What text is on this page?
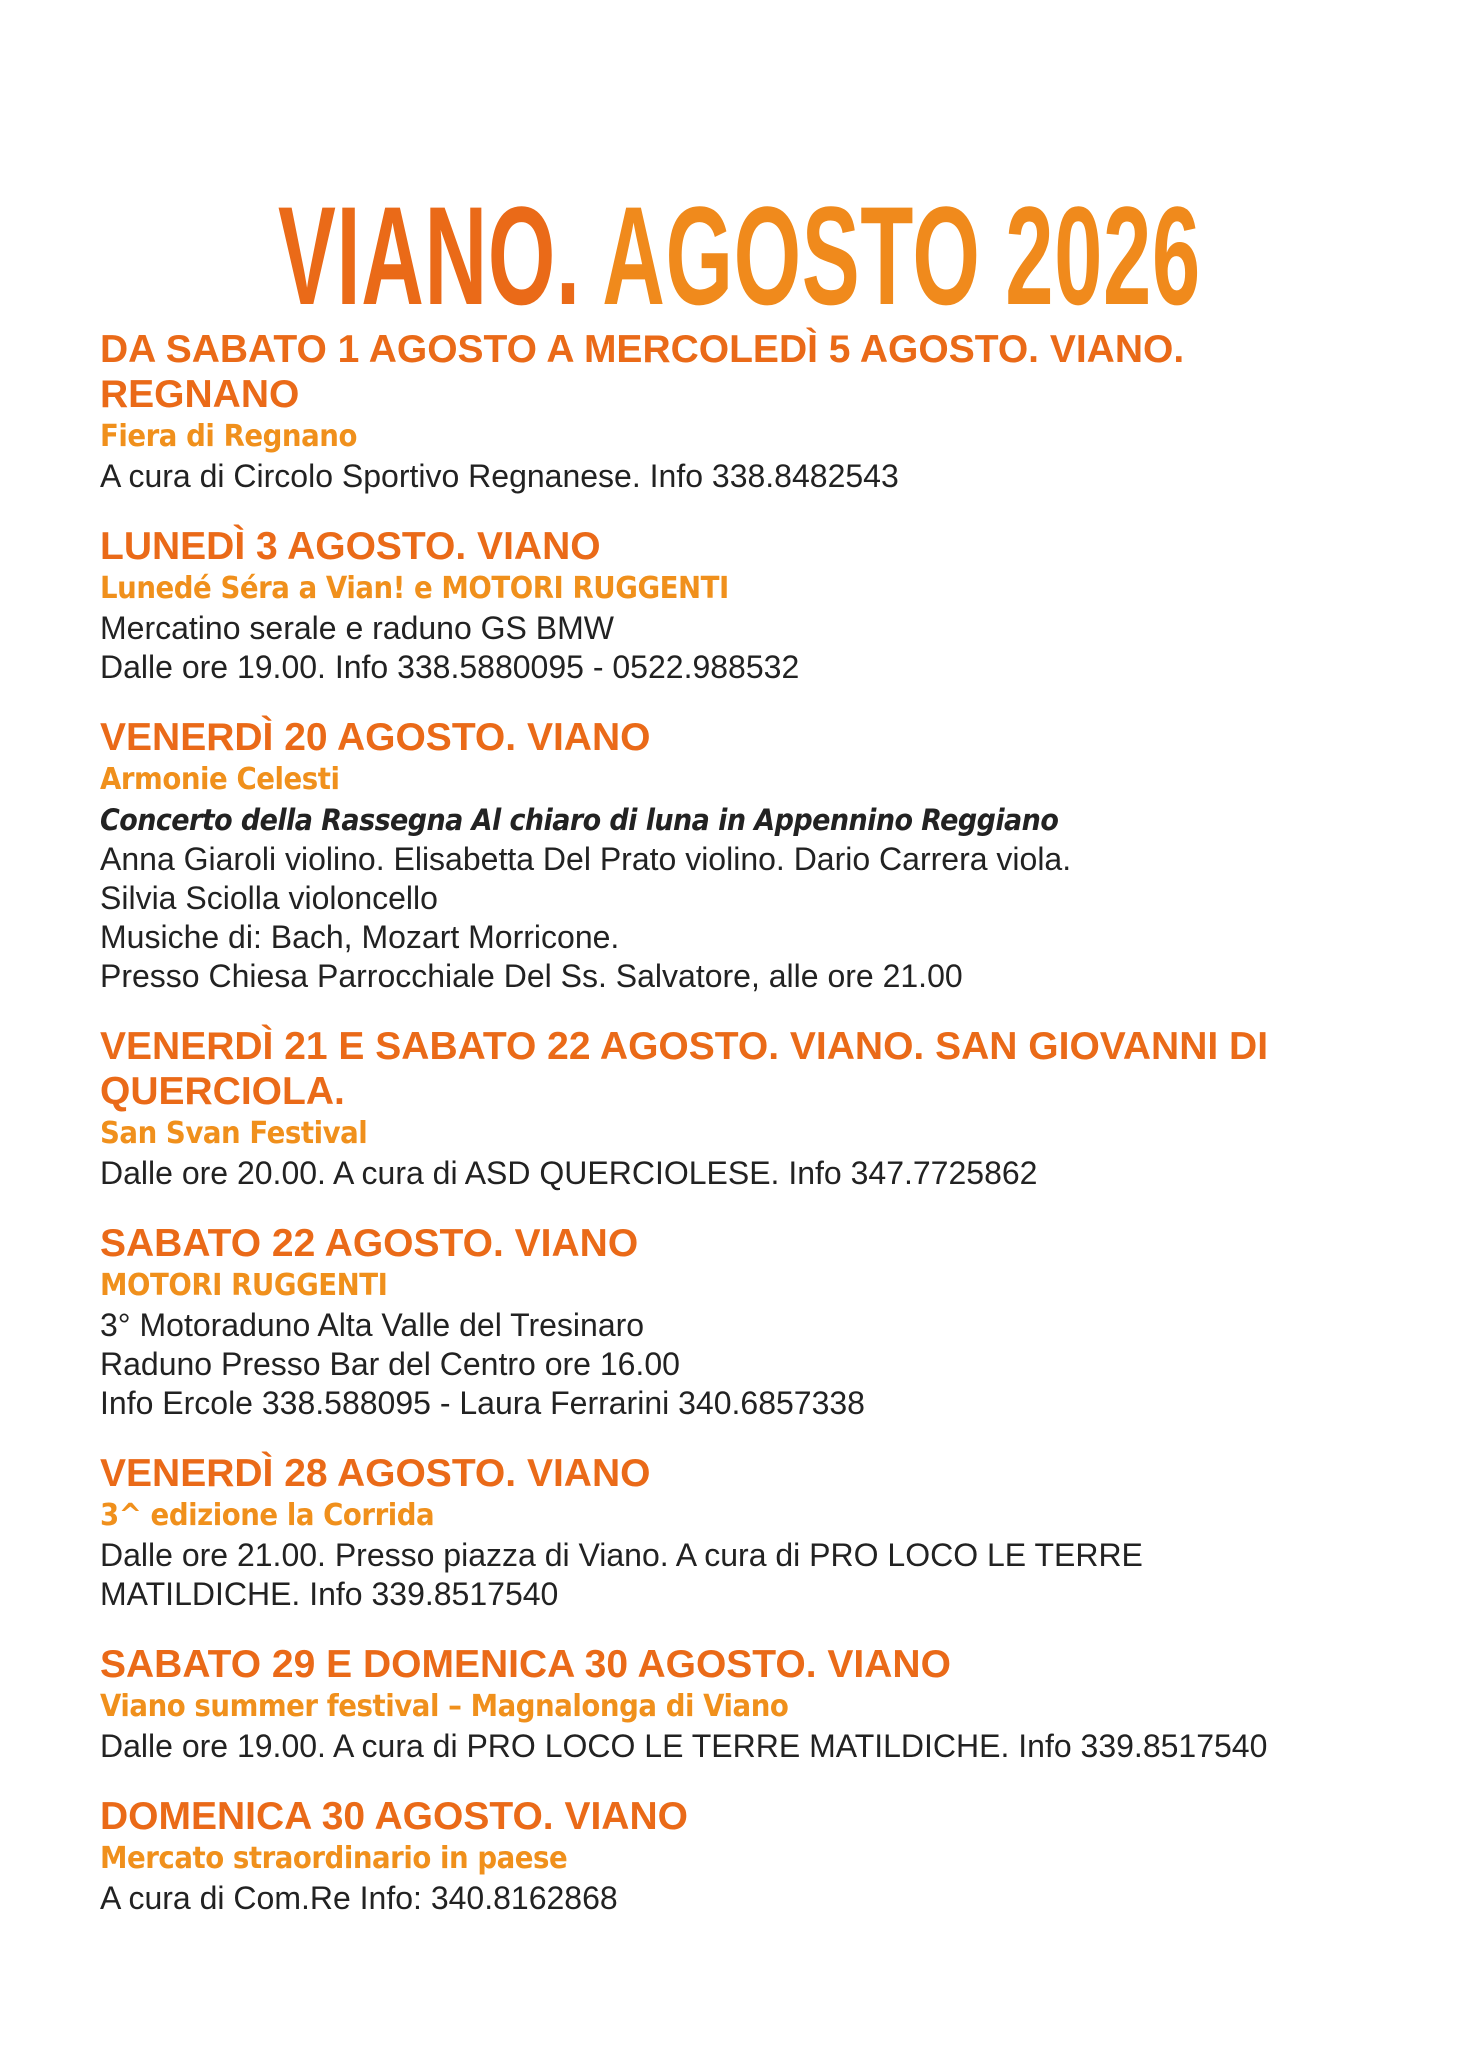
VIANO. AGOSTO 2026

DA SABATO 1 AGOSTO A MERCOLEDÌ 5 AGOSTO. VIANO. REGNANO

Fiera di Regnano

A cura di Circolo Sportivo Regnanese. Info 338.8482543

LUNEDÌ 3 AGOSTO. VIANO

Lunedé Séra a Vian! e MOTORI RUGGENTI

Mercatino serale e raduno GS BMW

Dalle ore 19.00. Info 338.5880095 - 0522.988532

VENERDÌ 20 AGOSTO. VIANO

Armonie Celesti

Concerto della Rassegna Al chiaro di luna in Appennino Reggiano

Anna Giaroli violino. Elisabetta Del Prato violino. Dario Carrera viola.

Silvia Sciolla violoncello

Musiche di: Bach, Mozart Morricone.

Presso Chiesa Parrocchiale Del Ss. Salvatore, alle ore 21.00

VENERDÌ 21 E SABATO 22 AGOSTO. VIANO. SAN GIOVANNI DI QUERCIOLA.

San Svan Festival

Dalle ore 20.00. A cura di ASD QUERCIOLESE. Info 347.7725862

SABATO 22 AGOSTO. VIANO

MOTORI RUGGENTI

3° Motoraduno Alta Valle del Tresinaro

Raduno Presso Bar del Centro ore 16.00

Info Ercole 338.588095 - Laura Ferrarini 340.6857338

VENERDÌ 28 AGOSTO. VIANO

3^ edizione la Corrida

Dalle ore 21.00. Presso piazza di Viano. A cura di PRO LOCO LE TERRE

MATILDICHE. Info 339.8517540

SABATO 29 E DOMENICA 30 AGOSTO. VIANO

Viano summer festival – Magnalonga di Viano

Dalle ore 19.00. A cura di PRO LOCO LE TERRE MATILDICHE. Info 339.8517540

DOMENICA 30 AGOSTO. VIANO

Mercato straordinario in paese

A cura di Com.Re Info: 340.8162868
